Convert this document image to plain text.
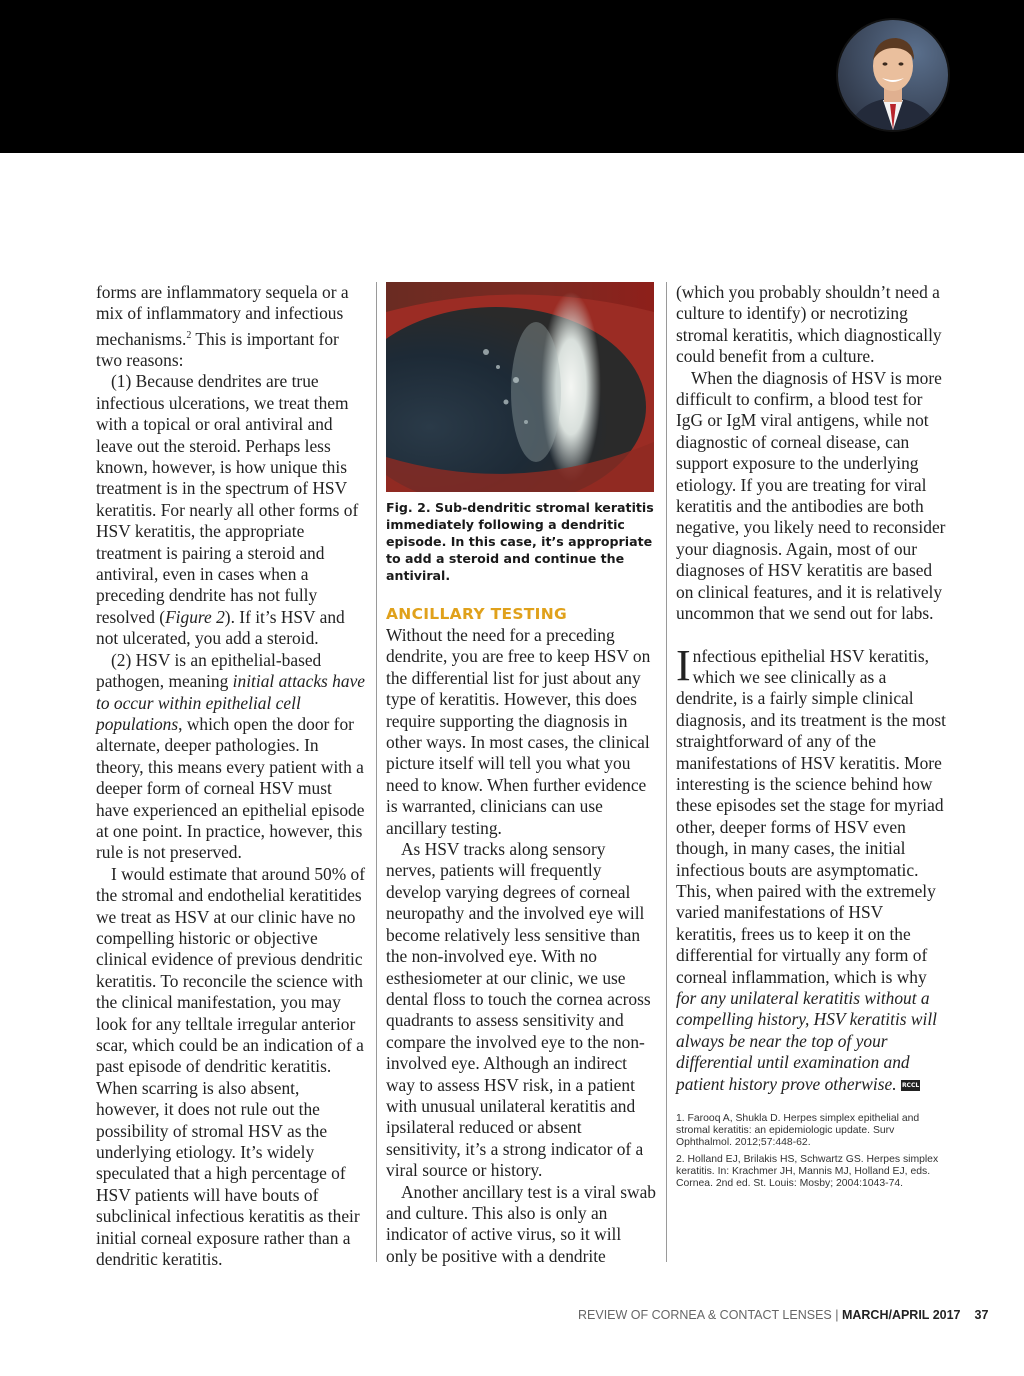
forms are inflammatory sequela or a mix of inflammatory and infectious mechanisms.$^2$ This is important for two reasons:

(1) Because dendrites are true infectious ulcerations, we treat them with a topical or oral antiviral and leave out the steroid. Perhaps less known, however, is how unique this treatment is in the spectrum of HSV keratitis. For nearly all other forms of HSV keratitis, the appropriate treatment is pairing a steroid and antiviral, even in cases when a preceding dendrite has not fully resolved (Figure 2). If it’s HSV and not ulcerated, you add a steroid.

(2) HSV is an epithelial-based pathogen, meaning initial attacks have to occur within epithelial cell populations, which open the door for alternate, deeper pathologies. In theory, this means every patient with a deeper form of corneal HSV must have experienced an epithelial episode at one point. In practice, however, this rule is not preserved.

I would estimate that around 50% of the stromal and endothelial keratitides we treat as HSV at our clinic have no compelling historic or objective clinical evidence of previous dendritic keratitis. To reconcile the science with the clinical manifestation, you may look for any telltale irregular anterior scar, which could be an indication of a past episode of dendritic keratitis. When scarring is also absent, however, it does not rule out the possibility of stromal HSV as the underlying etiology. It’s widely speculated that a high percentage of HSV patients will have bouts of subclinical infectious keratitis as their initial corneal exposure rather than a dendritic keratitis.

Fig. 2. Sub-dendritic stromal keratitis immediately following a dendritic episode. In this case, it’s appropriate to add a steroid and continue the antiviral.

ANCILLARY TESTING

Without the need for a preceding dendrite, you are free to keep HSV on the differential list for just about any type of keratitis. However, this does require supporting the diagnosis in other ways. In most cases, the clinical picture itself will tell you what you need to know. When further evidence is warranted, clinicians can use ancillary testing.

As HSV tracks along sensory nerves, patients will frequently develop varying degrees of corneal neuropathy and the involved eye will become relatively less sensitive than the non-involved eye. With no esthesiometer at our clinic, we use dental floss to touch the cornea across quadrants to assess sensitivity and compare the involved eye to the non-involved eye. Although an indirect way to assess HSV risk, in a patient with unusual unilateral keratitis and ipsilateral reduced or absent sensitivity, it’s a strong indicator of a viral source or history.

Another ancillary test is a viral swab and culture. This also is only an indicator of active virus, so it will only be positive with a dendrite

(which you probably shouldn’t need a culture to identify) or necrotizing stromal keratitis, which diagnostically could benefit from a culture.

When the diagnosis of HSV is more difficult to confirm, a blood test for IgG or IgM viral antigens, while not diagnostic of corneal disease, can support exposure to the underlying etiology. If you are treating for viral keratitis and the antibodies are both negative, you likely need to reconsider your diagnosis. Again, most of our diagnoses of HSV keratitis are based on clinical features, and it is relatively uncommon that we send out for labs.

Infectious epithelial HSV keratitis, which we see clinically as a dendrite, is a fairly simple clinical diagnosis, and its treatment is the most straightforward of any of the manifestations of HSV keratitis. More interesting is the science behind how these episodes set the stage for myriad other, deeper forms of HSV even though, in many cases, the initial infectious bouts are asymptomatic. This, when paired with the extremely varied manifestations of HSV keratitis, frees us to keep it on the differential for virtually any form of corneal inflammation, which is why for any unilateral keratitis without a compelling history, HSV keratitis will always be near the top of your differential until examination and patient history prove otherwise. RCCL

1. Farooq A, Shukla D. Herpes simplex epithelial and stromal keratitis: an epidemiologic update. Surv Ophthalmol. 2012;57:448-62.
2. Holland EJ, Brilakis HS, Schwartz GS. Herpes simplex keratitis. In: Krachmer JH, Mannis MJ, Holland EJ, eds. Cornea. 2nd ed. St. Louis: Mosby; 2004:1043-74.
REVIEW OF CORNEA & CONTACT LENSES | MARCH/APRIL 2017 37
